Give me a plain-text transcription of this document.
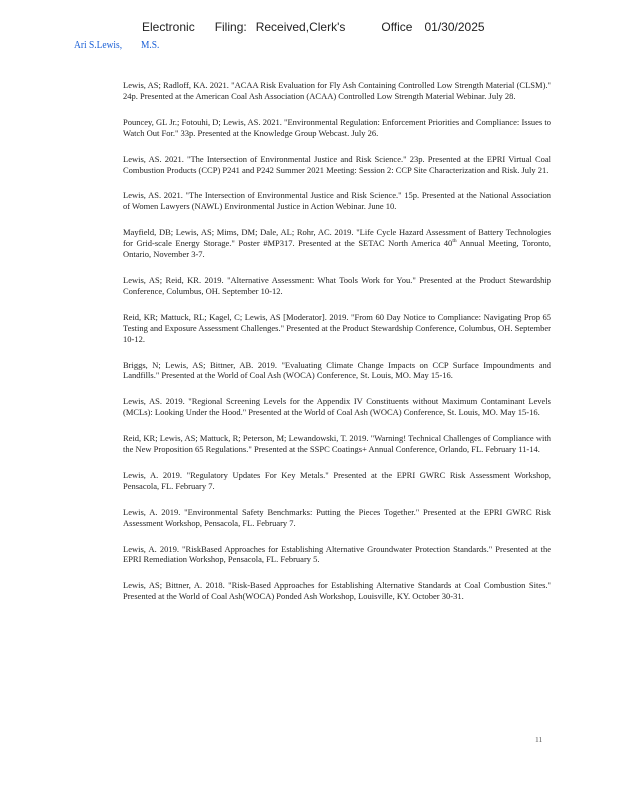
Electronic Filing: Received,Clerk's	Office 01/30/2025
Ari S.Lewis, M.S.

Lewis, AS; Radloff, KA. 2021. "ACAA Risk Evaluation for Fly Ash Containing Controlled Low Strength Material (CLSM)." 24p. Presented at the American Coal Ash Association (ACAA) Controlled Low Strength Material Webinar. July 28.

Pouncey, GL Jr.; Fotouhi, D; Lewis, AS. 2021. "Environmental Regulation: Enforcement Priorities and Compliance: Issues to Watch Out For." 33p. Presented at the Knowledge Group Webcast. July 26.

Lewis, AS. 2021. "The Intersection of Environmental Justice and Risk Science." 23p. Presented at the EPRI Virtual Coal Combustion Products (CCP) P241 and P242 Summer 2021 Meeting: Session 2: CCP Site Characterization and Risk. July 21.

Lewis, AS. 2021. "The Intersection of Environmental Justice and Risk Science." 15p. Presented at the National Association of Women Lawyers (NAWL) Environmental Justice in Action Webinar. June 10.

Mayfield, DB; Lewis, AS; Mims, DM; Dale, AL; Rohr, AC. 2019. "Life Cycle Hazard Assessment of Battery Technologies for Grid-scale Energy Storage." Poster #MP317. Presented at the SETAC North America 40th Annual Meeting, Toronto, Ontario, November 3-7.

Lewis, AS; Reid, KR. 2019. "Alternative Assessment: What Tools Work for You." Presented at the Product Stewardship Conference, Columbus, OH. September 10-12.

Reid, KR; Mattuck, RL; Kagel, C; Lewis, AS [Moderator]. 2019. "From 60 Day Notice to Compliance: Navigating Prop 65 Testing and Exposure Assessment Challenges." Presented at the Product Stewardship Conference, Columbus, OH. September 10-12.

Briggs, N; Lewis, AS; Bittner, AB. 2019. "Evaluating Climate Change Impacts on CCP Surface Impoundments and Landfills." Presented at the World of Coal Ash (WOCA) Conference, St. Louis, MO. May 15-16.

Lewis, AS. 2019. "Regional Screening Levels for the Appendix IV Constituents without Maximum Contaminant Levels (MCLs): Looking Under the Hood." Presented at the World of Coal Ash (WOCA) Conference, St. Louis, MO. May 15-16.

Reid, KR; Lewis, AS; Mattuck, R; Peterson, M; Lewandowski, T. 2019. "Warning! Technical Challenges of Compliance with the New Proposition 65 Regulations." Presented at the SSPC Coatings+ Annual Conference, Orlando, FL. February 11-14.

Lewis, A. 2019. "Regulatory Updates For Key Metals." Presented at the EPRI GWRC Risk Assessment Workshop, Pensacola, FL. February 7.

Lewis, A. 2019. "Environmental Safety Benchmarks: Putting the Pieces Together." Presented at the EPRI GWRC Risk Assessment Workshop, Pensacola, FL. February 7.

Lewis, A. 2019. "RiskBased Approaches for Establishing Alternative Groundwater Protection Standards." Presented at the EPRI Remediation Workshop, Pensacola, FL. February 5.

Lewis, AS; Bittner, A. 2018. "Risk-Based Approaches for Establishing Alternative Standards at Coal Combustion Sites." Presented at the World of Coal Ash(WOCA) Ponded Ash Workshop, Louisville, KY. October 30-31.

11
